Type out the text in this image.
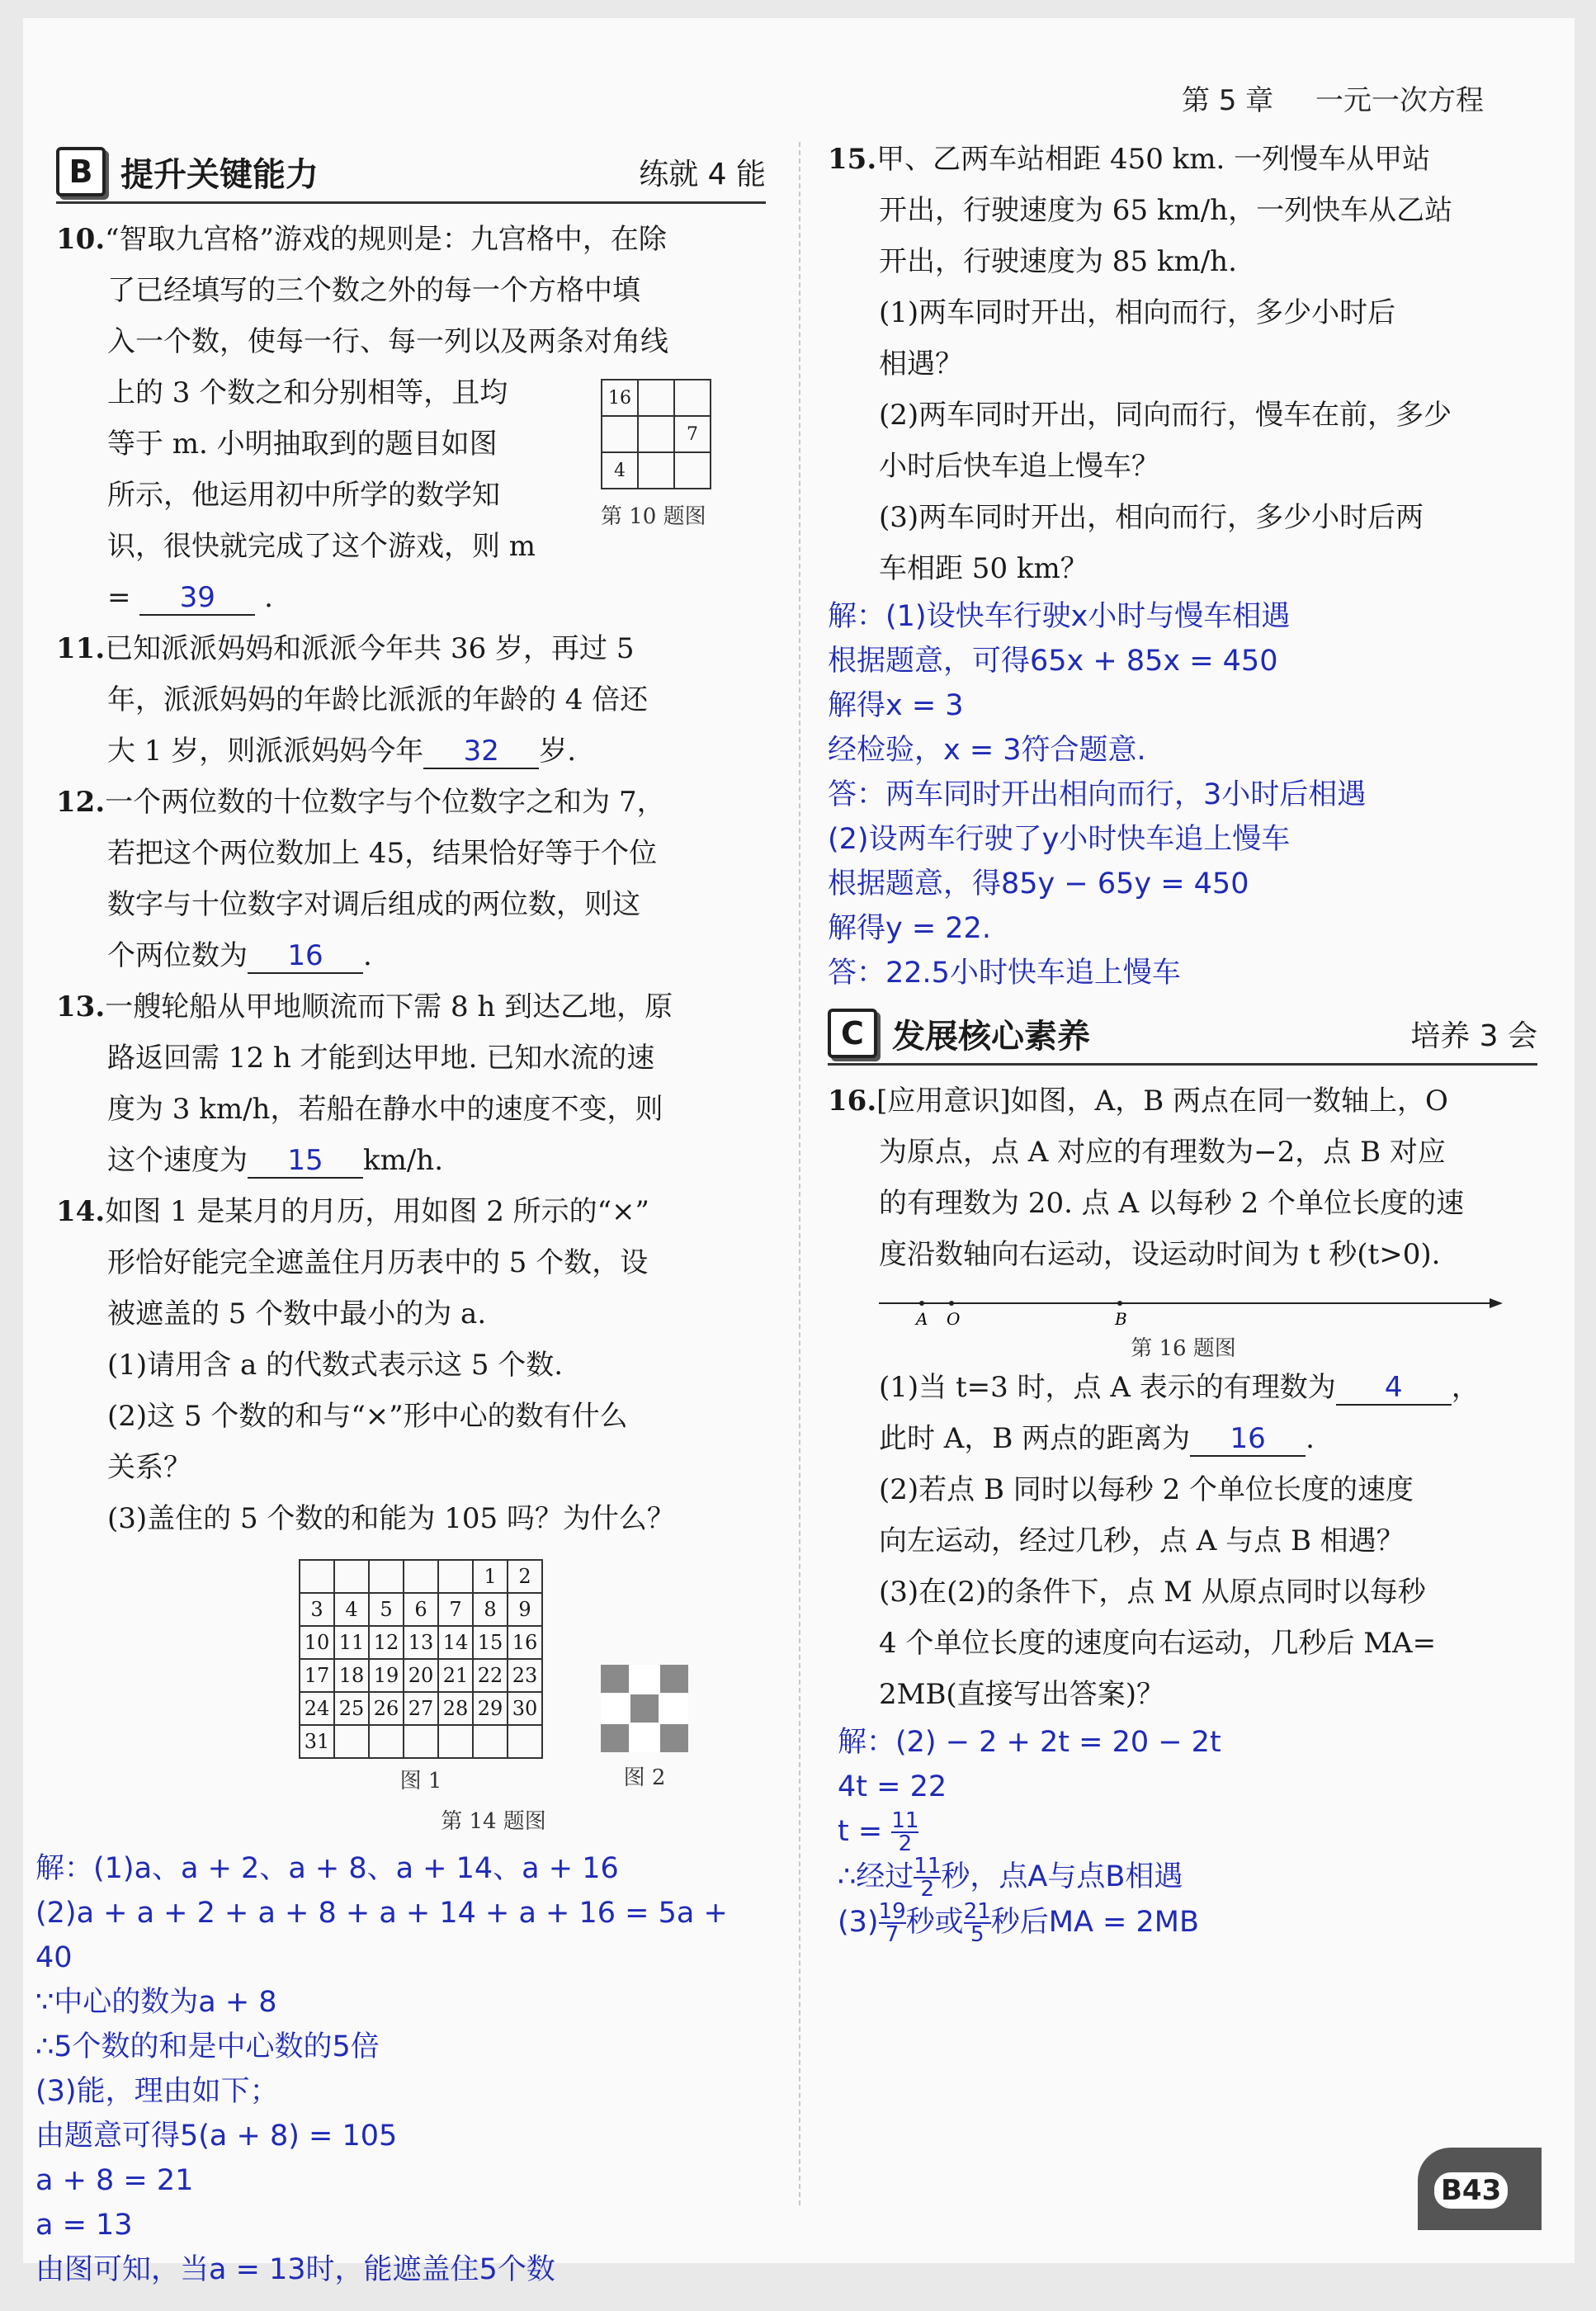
第 5 章 一元一次方程
B 提升关键能力	练就 4 能

10.“智取九宫格”游戏的规则是：九宫格中，在除

了已经填写的三个数之外的每一个方格中填

入一个数，使每一行、每一列以及两条对角线

上的 3 个数之和分别相等，且均

等于 m. 小明抽取到的题目如图

所示，他运用初中所学的数学知

识，很快就完成了这个游戏，则 m

= 39 .

16		
		7
4		
第 10 题图

11.已知派派妈妈和派派今年共 36 岁，再过 5

年，派派妈妈的年龄比派派的年龄的 4 倍还

大 1 岁，则派派妈妈今年 32 岁.

12.一个两位数的十位数字与个位数字之和为 7，

若把这个两位数加上 45，结果恰好等于个位

数字与十位数字对调后组成的两位数，则这

个两位数为 16 .

13.一艘轮船从甲地顺流而下需 8 h 到达乙地，原

路返回需 12 h 才能到达甲地. 已知水流的速

度为 3 km/h，若船在静水中的速度不变，则

这个速度为 15 km/h.

14.如图 1 是某月的月历，用如图 2 所示的“×”

形恰好能完全遮盖住月历表中的 5 个数，设

被遮盖的 5 个数中最小的为 a.

(1)请用含 a 的代数式表示这 5 个数.

(2)这 5 个数的和与“×”形中心的数有什么

关系？

(3)盖住的 5 个数的和能为 105 吗？为什么？

					1	2
3	4	5	6	7	8	9
10	11	12	13	14	15	16
17	18	19	20	21	22	23
24	25	26	27	28	29	30
31						
图 1	图 2
第 14 题图

解：(1)a、a + 2、a + 8、a + 14、a + 16

(2)a + a + 2 + a + 8 + a + 14 + a + 16 = 5a + 40

∵中心的数为a + 8

∴5个数的和是中心数的5倍

(3)能，理由如下；

由题意可得5(a + 8) = 105

a + 8 = 21

a = 13

由图可知，当a = 13时，能遮盖住5个数

15.甲、乙两车站相距 450 km. 一列慢车从甲站

开出，行驶速度为 65 km/h，一列快车从乙站

开出，行驶速度为 85 km/h.

(1)两车同时开出，相向而行，多少小时后

相遇？

(2)两车同时开出，同向而行，慢车在前，多少

小时后快车追上慢车？

(3)两车同时开出，相向而行，多少小时后两

车相距 50 km？

解：(1)设快车行驶x小时与慢车相遇

根据题意，可得65x + 85x = 450

解得x = 3

经检验，x = 3符合题意.

答：两车同时开出相向而行，3小时后相遇

(2)设两车行驶了y小时快车追上慢车

根据题意，得85y − 65y = 450

解得y = 22.

答：22.5小时快车追上慢车

C 发展核心素养	培养 3 会

16.[应用意识]如图，A，B 两点在同一数轴上，O

为原点，点 A 对应的有理数为−2，点 B 对应

的有理数为 20. 点 A 以每秒 2 个单位长度的速

度沿数轴向右运动，设运动时间为 t 秒(t>0).

A O	B
第 16 题图

(1)当 t=3 时，点 A 表示的有理数为 4 ，

此时 A，B 两点的距离为 16 .

(2)若点 B 同时以每秒 2 个单位长度的速度

向左运动，经过几秒，点 A 与点 B 相遇？

(3)在(2)的条件下，点 M 从原点同时以每秒

4 个单位长度的速度向右运动，几秒后 MA=

2MB(直接写出答案)？

解：(2) − 2 + 2t = 20 − 2t

4t = 22

$t = \frac{11}{2}$

∴经过 $\frac{11}{2}$ 秒，点A与点B相遇

$(3) \frac{19}{7}$ 秒或 $\frac{21}{5}$ 秒后MA = 2MB

B43
